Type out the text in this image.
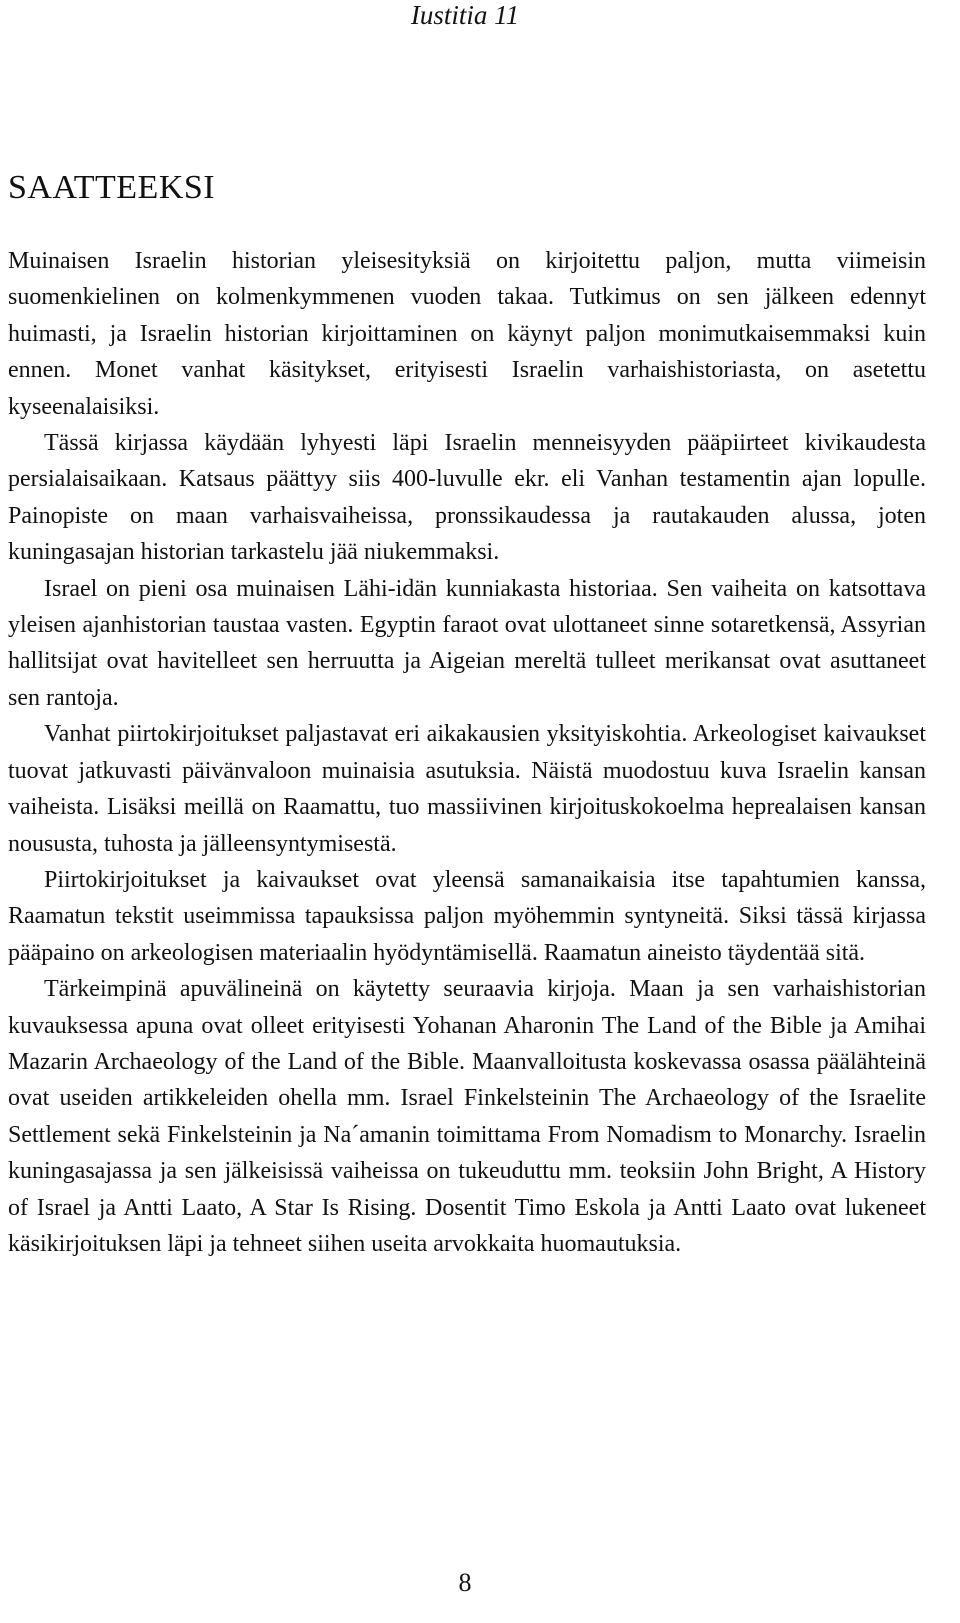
Iustitia 11

SAATTEEKSI

Muinaisen Israelin historian yleisesityksiä on kirjoitettu paljon, mutta viimeisin suomenkielinen on kolmenkymmenen vuoden takaa. Tutkimus on sen jälkeen edennyt huimasti, ja Israelin historian kirjoittaminen on käynyt paljon monimutkaisemmaksi kuin ennen. Monet vanhat käsitykset, erityisesti Israelin varhaishistoriasta, on asetettu kyseenalaisiksi.

Tässä kirjassa käydään lyhyesti läpi Israelin menneisyyden pääpiirteet kivikaudesta persialaisaikaan. Katsaus päättyy siis 400-luvulle ekr. eli Vanhan testamentin ajan lopulle. Painopiste on maan varhaisvaiheissa, pronssikaudessa ja rautakauden alussa, joten kuningasajan historian tarkastelu jää niukemmaksi.

Israel on pieni osa muinaisen Lähi-idän kunniakasta historiaa. Sen vaiheita on katsottava yleisen ajanhistorian taustaa vasten. Egyptin faraot ovat ulottaneet sinne sotaretkensä, Assyrian hallitsijat ovat havitelleet sen herruutta ja Aigeian mereltä tulleet merikansat ovat asuttaneet sen rantoja.

Vanhat piirtokirjoitukset paljastavat eri aikakausien yksityiskohtia. Arkeologiset kaivaukset tuovat jatkuvasti päivänvaloon muinaisia asutuksia. Näistä muodostuu kuva Israelin kansan vaiheista. Lisäksi meillä on Raamattu, tuo massiivinen kirjoituskokoelma heprealaisen kansan noususta, tuhosta ja jälleensyntymisestä.

Piirtokirjoitukset ja kaivaukset ovat yleensä samanaikaisia itse tapahtumien kanssa, Raamatun tekstit useimmissa tapauksissa paljon myöhemmin syntyneitä. Siksi tässä kirjassa pääpaino on arkeologisen materiaalin hyödyntämisellä. Raamatun aineisto täydentää sitä.

Tärkeimpinä apuvälineinä on käytetty seuraavia kirjoja. Maan ja sen varhaishistorian kuvauksessa apuna ovat olleet erityisesti Yohanan Aharonin The Land of the Bible ja Amihai Mazarin Archaeology of the Land of the Bible. Maanvalloitusta koskevassa osassa päälähteinä ovat useiden artikkeleiden ohella mm. Israel Finkelsteinin The Archaeology of the Israelite Settlement sekä Finkelsteinin ja Na´amanin toimittama From Nomadism to Monarchy. Israelin kuningasajassa ja sen jälkeisissä vaiheissa on tukeuduttu mm. teoksiin John Bright, A History of Israel ja Antti Laato, A Star Is Rising. Dosentit Timo Eskola ja Antti Laato ovat lukeneet käsikirjoituksen läpi ja tehneet siihen useita arvokkaita huomautuksia.

8
